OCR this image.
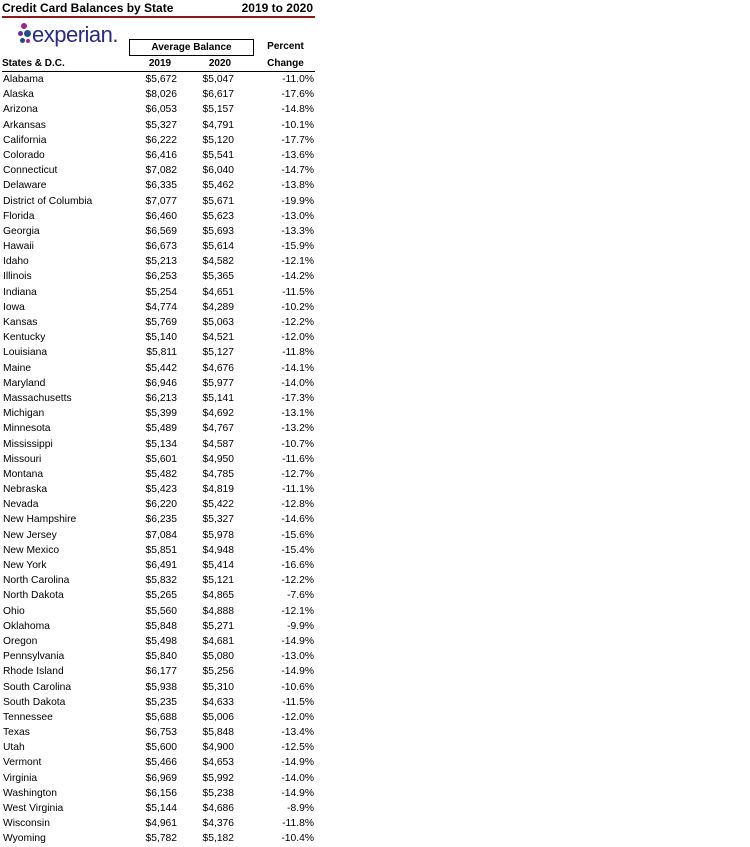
Credit Card Balances by State	2019 to 2020
experian.
Average Balance	Percent
States & D.C.	2019	2020	Change
Alabama	$5,672 $5,047	-11.0%
Alaska	$8,026 $6,617	-17.6%
Arizona	$6,053 $5,157	-14.8%
Arkansas	$5,327 $4,791	-10.1%
California	$6,222 $5,120	-17.7%
Colorado	$6,416 $5,541	-13.6%
Connecticut	$7,082 $6,040	-14.7%
Delaware	$6,335 $5,462	-13.8%
District of Columbia	$7,077 $5,671	-19.9%
Florida	$6,460 $5,623	-13.0%
Georgia	$6,569 $5,693	-13.3%
Hawaii	$6,673 $5,614	-15.9%
Idaho	$5,213 $4,582	-12.1%
Illinois	$6,253 $5,365	-14.2%
Indiana	$5,254 $4,651	-11.5%
Iowa	$4,774 $4,289	-10.2%
Kansas	$5,769 $5,063	-12.2%
Kentucky	$5,140 $4,521	-12.0%
Louisiana	$5,811 $5,127	-11.8%
Maine	$5,442 $4,676	-14.1%
Maryland	$6,946 $5,977	-14.0%
Massachusetts	$6,213 $5,141	-17.3%
Michigan	$5,399 $4,692	-13.1%
Minnesota	$5,489 $4,767	-13.2%
Mississippi	$5,134 $4,587	-10.7%
Missouri	$5,601 $4,950	-11.6%
Montana	$5,482 $4,785	-12.7%
Nebraska	$5,423 $4,819	-11.1%
Nevada	$6,220 $5,422	-12.8%
New Hampshire	$6,235 $5,327	-14.6%
New Jersey	$7,084 $5,978	-15.6%
New Mexico	$5,851 $4,948	-15.4%
New York	$6,491 $5,414	-16.6%
North Carolina	$5,832 $5,121	-12.2%
North Dakota	$5,265 $4,865	-7.6%
Ohio	$5,560 $4,888	-12.1%
Oklahoma	$5,848 $5,271	-9.9%
Oregon	$5,498 $4,681	-14.9%
Pennsylvania	$5,840 $5,080	-13.0%
Rhode Island	$6,177 $5,256	-14.9%
South Carolina	$5,938 $5,310	-10.6%
South Dakota	$5,235 $4,633	-11.5%
Tennessee	$5,688 $5,006	-12.0%
Texas	$6,753 $5,848	-13.4%
Utah	$5,600 $4,900	-12.5%
Vermont	$5,466 $4,653	-14.9%
Virginia	$6,969 $5,992	-14.0%
Washington	$6,156 $5,238	-14.9%
West Virginia	$5,144 $4,686	-8.9%
Wisconsin	$4,961 $4,376	-11.8%
Wyoming	$5,782 $5,182	-10.4%
